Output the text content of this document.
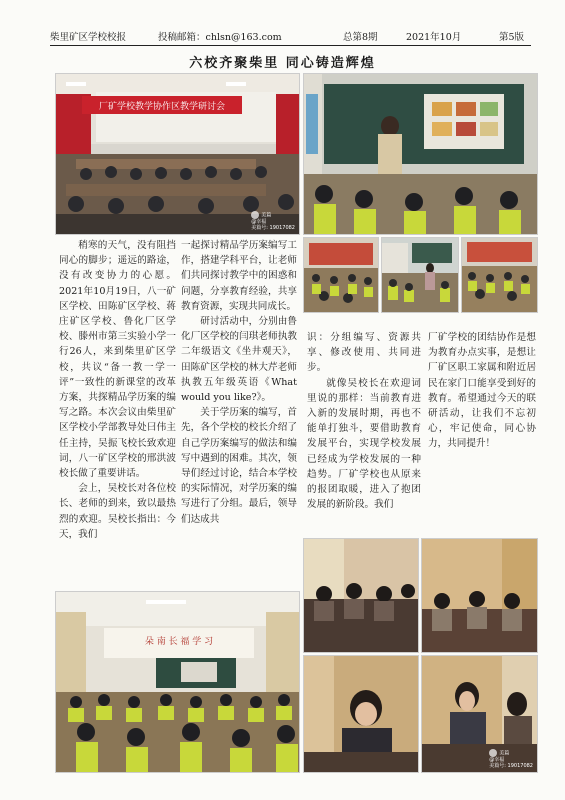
柴里矿区学校校报	投稿邮箱：chlsn@163.com	总第8期	2021年10月	第5版
六校齐聚柴里 同心铸造辉煌
厂矿学校教学协作区教学研讨会
美篇
@幸福
美篇号: 19017082

稍寒的天气，没有阻挡同心的脚步；遥远的路途，没有改变协力的心愿。2021年10月19日，八一矿区学校、田陈矿区学校、蒋庄矿区学校、鲁化厂区学校、滕州市第三实验小学一行26人，来到柴里矿区学校，共议“备一教一学一评”一致性的新课堂的改革方案，共探精品学历案的编写之路。本次会议由柴里矿区学校小学部教导处曰伟主任主持，吴振飞校长致欢迎词，八一矿区学校的邢洪波校长做了重要讲话。

会上，吴校长对各位校长、老师的到来，致以最热烈的欢迎。吴校长指出：今天，我们

一起探讨精品学历案编写工作，搭建学科平台，让老师们共同探讨教学中的困惑和问题，分享教育经验，共享教育资源，实现共同成长。

研讨活动中，分别由鲁化厂区学校的闫琪老师执教二年级语文《坐井观天》，田陈矿区学校的林大芹老师执教五年级英语《What would you like?》。

关于学历案的编写，首先，各个学校的校长介绍了自己学历案编写的做法和编写中遇到的困难。其次，领导们经过讨论，结合本学校的实际情况，对学历案的编写进行了分组。最后，领导们达成共

识：分组编写、资源共享、修改使用、共同进步。

就像吴校长在欢迎词里说的那样：当前教育进入新的发展时期，再也不能单打独斗，要借助教育发展平台，实现学校发展已经成为学校发展的一种趋势。厂矿学校也从原来的报团取暖，进入了抱团发展的新阶段。我们

厂矿学校的团结协作是想为教育办点实事，是想让厂矿区职工家属和附近居民在家门口能享受到好的教育。希望通过今天的联研活动，让我们不忘初心，牢记使命，同心协力，共同提升！

朵 南 长 福 学 习
美篇
@幸福
美篇号: 19017082
